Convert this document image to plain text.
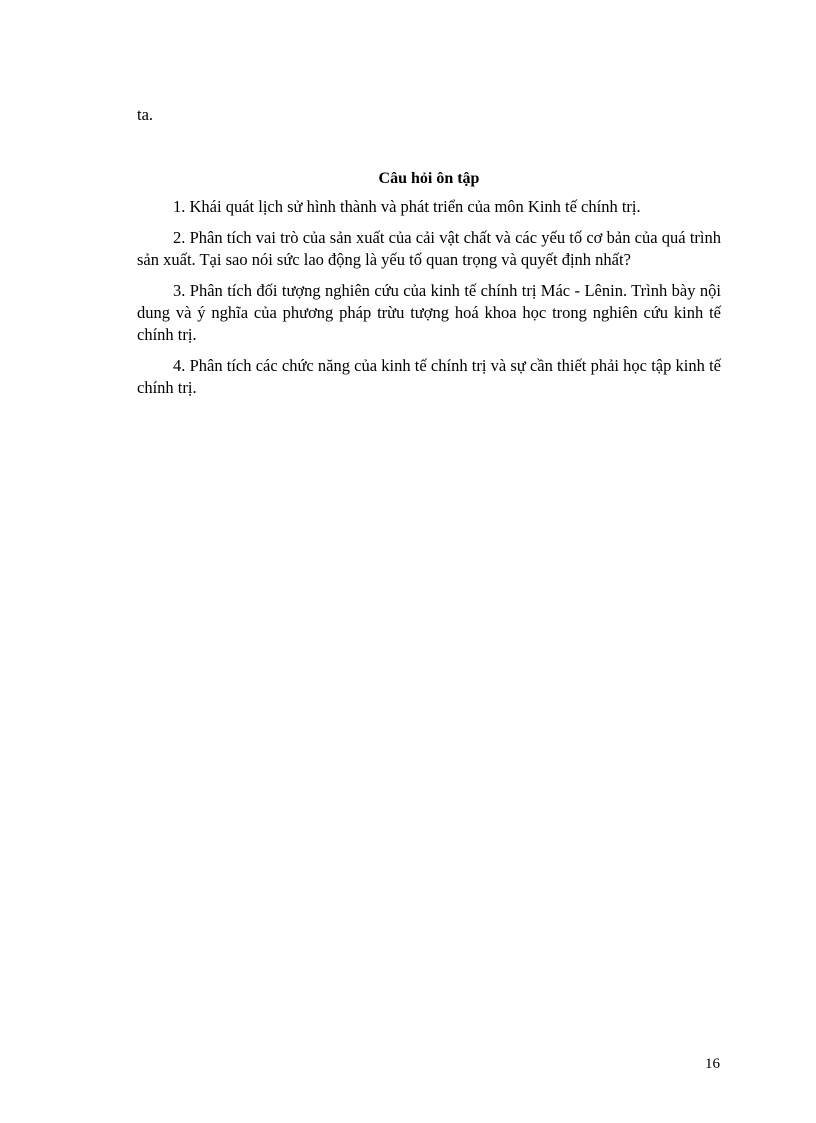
ta.
Câu hỏi ôn tập

1. Khái quát lịch sử hình thành và phát triển của môn Kinh tế chính trị.

2. Phân tích vai trò của sản xuất của cải vật chất và các yếu tố cơ bản của quá trình sản xuất. Tại sao nói sức lao động là yếu tố quan trọng và quyết định nhất?

3. Phân tích đối tượng nghiên cứu của kinh tế chính trị Mác - Lênin. Trình bày nội dung và ý nghĩa của phương pháp trừu tượng hoá khoa học trong nghiên cứu kinh tế chính trị.

4. Phân tích các chức năng của kinh tế chính trị và sự cần thiết phải học tập kinh tế chính trị.

16
